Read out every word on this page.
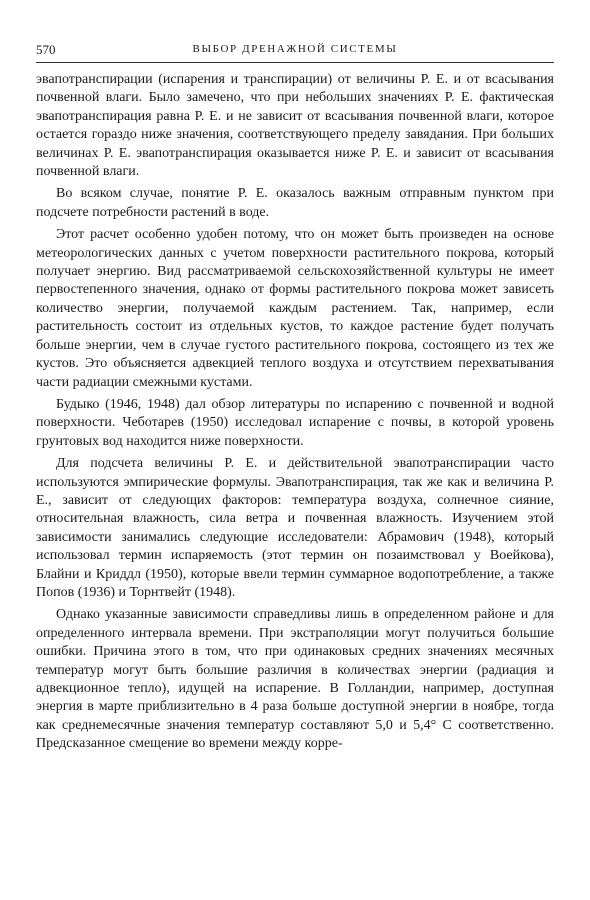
570	ВЫБОР ДРЕНАЖНОЙ СИСТЕМЫ

эвапотранспирации (испарения и транспирации) от величины P. E. и от всасывания почвенной влаги. Было замечено, что при небольших значениях P. E. фактическая эвапотранспирация равна P. E. и не зависит от всасывания почвенной влаги, которое остается гораздо ниже значения, соответствующего пределу завядания. При больших величинах P. E. эвапотранспирация оказывается ниже P. E. и зависит от всасывания почвенной влаги.

Во всяком случае, понятие P. E. оказалось важным отправным пунктом при подсчете потребности растений в воде.

Этот расчет особенно удобен потому, что он может быть произведен на основе метеорологических данных с учетом поверхности растительного покрова, который получает энергию. Вид рассматриваемой сельскохозяйственной культуры не имеет первостепенного значения, однако от формы растительного покрова может зависеть количество энергии, получаемой каждым растением. Так, например, если растительность состоит из отдельных кустов, то каждое растение будет получать больше энергии, чем в случае густого растительного покрова, состоящего из тех же кустов. Это объясняется адвекцией теплого воздуха и отсутствием перехватывания части радиации смежными кустами.

Будыко (1946, 1948) дал обзор литературы по испарению с почвенной и водной поверхности. Чеботарев (1950) исследовал испарение с почвы, в которой уровень грунтовых вод находится ниже поверхности.

Для подсчета величины P. E. и действительной эвапотранспирации часто используются эмпирические формулы. Эвапотранспирация, так же как и величина P. E., зависит от следующих факторов: температура воздуха, солнечное сияние, относительная влажность, сила ветра и почвенная влажность. Изучением этой зависимости занимались следующие исследователи: Абрамович (1948), который использовал термин испаряемость (этот термин он позаимствовал у Воейкова), Блайни и Криддл (1950), которые ввели термин суммарное водопотребление, а также Попов (1936) и Торнтвейт (1948).

Однако указанные зависимости справедливы лишь в определенном районе и для определенного интервала времени. При экстраполяции могут получиться большие ошибки. Причина этого в том, что при одинаковых средних значениях месячных температур могут быть большие различия в количествах энергии (радиация и адвекционное тепло), идущей на испарение. В Голландии, например, доступная энергия в марте приблизительно в 4 раза больше доступной энергии в ноябре, тогда как среднемесячные значения температур составляют 5,0 и 5,4° C соответственно. Предсказанное смещение во времени между корре-
